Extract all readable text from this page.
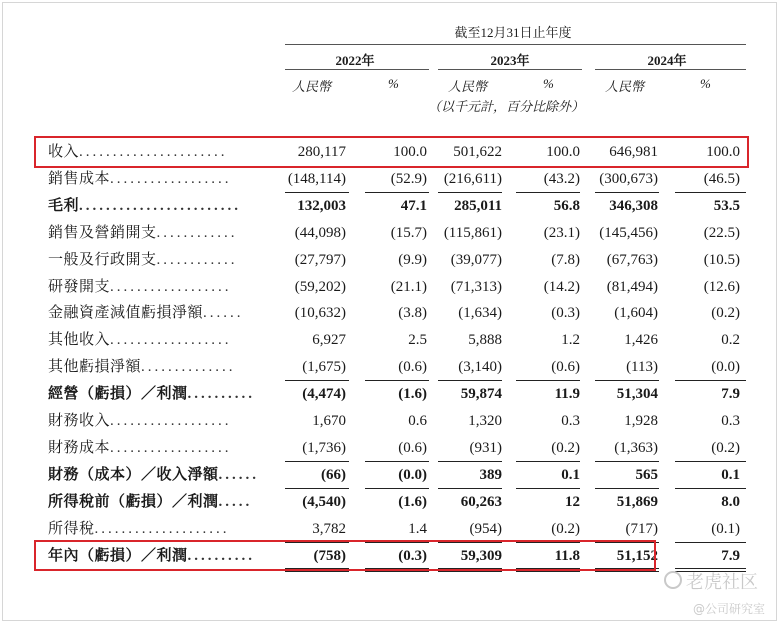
截至12月31日止年度
2022年	2023年	2024年
人民幣	%	人民幣	%	人民幣	%
（以千元計，百分比除外）
收入......................	280,117	100.0	501,622	100.0	646,981	100.0
銷售成本..................	(148,114)	(52.9)	(216,611)	(43.2)	(300,673)	(46.5)
毛利........................	132,003	47.1	285,011	56.8	346,308	53.5
銷售及營銷開支............	(44,098)	(15.7)	(115,861)	(23.1)	(145,456)	(22.5)
一般及行政開支............	(27,797)	(9.9)	(39,077)	(7.8)	(67,763)	(10.5)
研發開支..................	(59,202)	(21.1)	(71,313)	(14.2)	(81,494)	(12.6)
金融資產減值虧損淨額......	(10,632)	(3.8)	(1,634)	(0.3)	(1,604)	(0.2)
其他收入..................	6,927	2.5	5,888	1.2	1,426	0.2
其他虧損淨額..............	(1,675)	(0.6)	(3,140)	(0.6)	(113)	(0.0)
經營（虧損）／利潤..........	(4,474)	(1.6)	59,874	11.9	51,304	7.9
財務收入..................	1,670	0.6	1,320	0.3	1,928	0.3
財務成本..................	(1,736)	(0.6)	(931)	(0.2)	(1,363)	(0.2)
財務（成本）／收入淨額......	(66)	(0.0)	389	0.1	565	0.1
所得稅前（虧損）／利潤.....	(4,540)	(1.6)	60,263	12	51,869	8.0
所得稅....................	3,782	1.4	(954)	(0.2)	(717)	(0.1)
年內（虧損）／利潤..........	(758)	(0.3)	59,309	11.8	51,152	7.9
老虎社区
@公司研究室
